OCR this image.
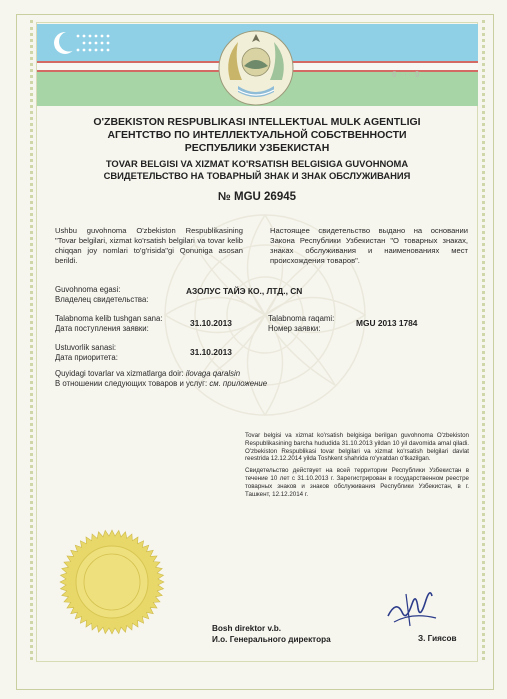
6 ··· 9
O'ZBEKISTON RESPUBLIKASI INTELLEKTUAL MULK AGENTLIGI
АГЕНТСТВО ПО ИНТЕЛЛЕКТУАЛЬНОЙ СОБСТВЕННОСТИ
РЕСПУБЛИКИ УЗБЕКИСТАН
TOVAR BELGISI VA XIZMAT KO'RSATISH BELGISIGA GUVOHNOMA
СВИДЕТЕЛЬСТВО НА ТОВАРНЫЙ ЗНАК И ЗНАК ОБСЛУЖИВАНИЯ
№ MGU 26945
Ushbu guvohnoma O'zbekiston Respublikasining "Tovar belgilari, xizmat ko'rsatish belgilari va tovar kelib chiqqan joy nomlari to'g'risida"gi Qonuniga asosan berildi.
Настоящее свидетельство выдано на основании Закона Республики Узбекистан "О товарных знаках, знаках обслуживания и наименованиях мест происхождения товаров".
Guvohnoma egasi:
Владелец свидетельства:
АЗОЛУС ТАЙЭ КО., ЛТД., CN
Talabnoma kelib tushgan sana:
Дата поступления заявки:
31.10.2013	Talabnoma raqami:
Номер заявки:
MGU 2013 1784
Ustuvorlik sanasi:
Дата приоритета:
31.10.2013
Quyidagi tovarlar va xizmatlarga doir: ilovaga qaralsin
В отношении следующих товаров и услуг: см. приложение

Tovar belgisi va xizmat ko'rsatish belgisiga berilgan guvohnoma O'zbekiston Respublikasining barcha hududida 31.10.2013 yildan 10 yil davomida amal qiladi. O'zbekiston Respublikasi tovar belgilari va xizmat ko'rsatish belgilari davlat reestrida 12.12.2014 yilda Toshkent shahrida ro'yxatdan o'tkazilgan.

Свидетельство действует на всей территории Республики Узбекистан в течение 10 лет с 31.10.2013 г. Зарегистрирован в государственном реестре товарных знаков и знаков обслуживания Республики Узбекистан, в г. Ташкент, 12.12.2014 г.

Bosh direktor v.b.
И.о. Генерального директора	З. Гиясов
